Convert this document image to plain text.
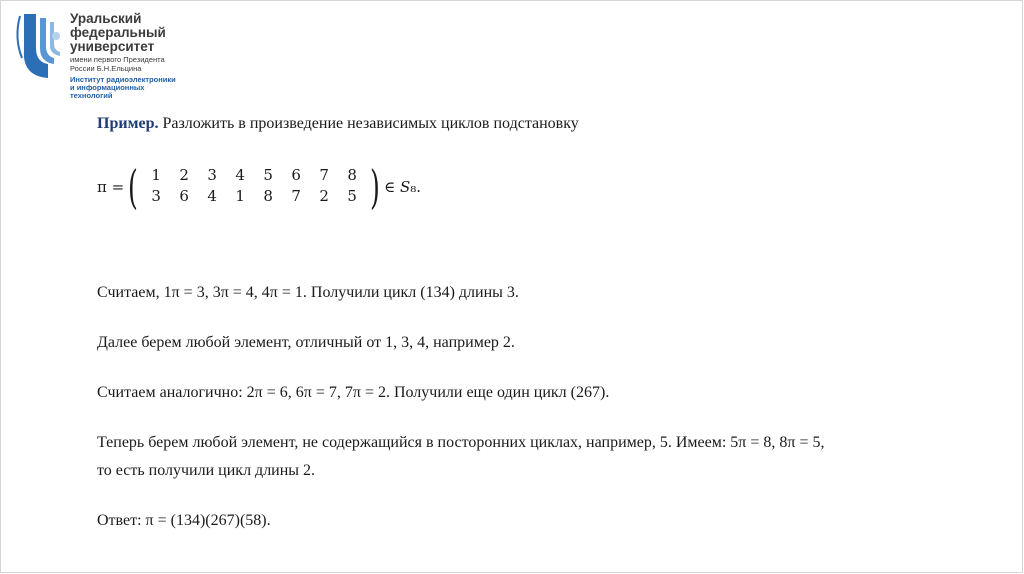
Уральский

федеральный

университет

имени первого Президента
России Б.Н.Ельцина
Институт радиоэлектроники
и информационных
технологий
Пример. Разложить в произведение независимых циклов подстановку
π = ( 1	2	3	4	5	6	7	8
3	6	4	1	8	7	2	5 ) ∈ 𝑆₈.
Считаем, 1π = 3, 3π = 4, 4π = 1. Получили цикл (134) длины 3.
Далее берем любой элемент, отличный от 1, 3, 4, например 2.
Считаем аналогично: 2π = 6, 6π = 7, 7π = 2. Получили еще один цикл (267).
Теперь берем любой элемент, не содержащийся в посторонних циклах, например, 5. Имеем: 5π = 8, 8π = 5,
то есть получили цикл длины 2.
Ответ: π = (134)(267)(58).
